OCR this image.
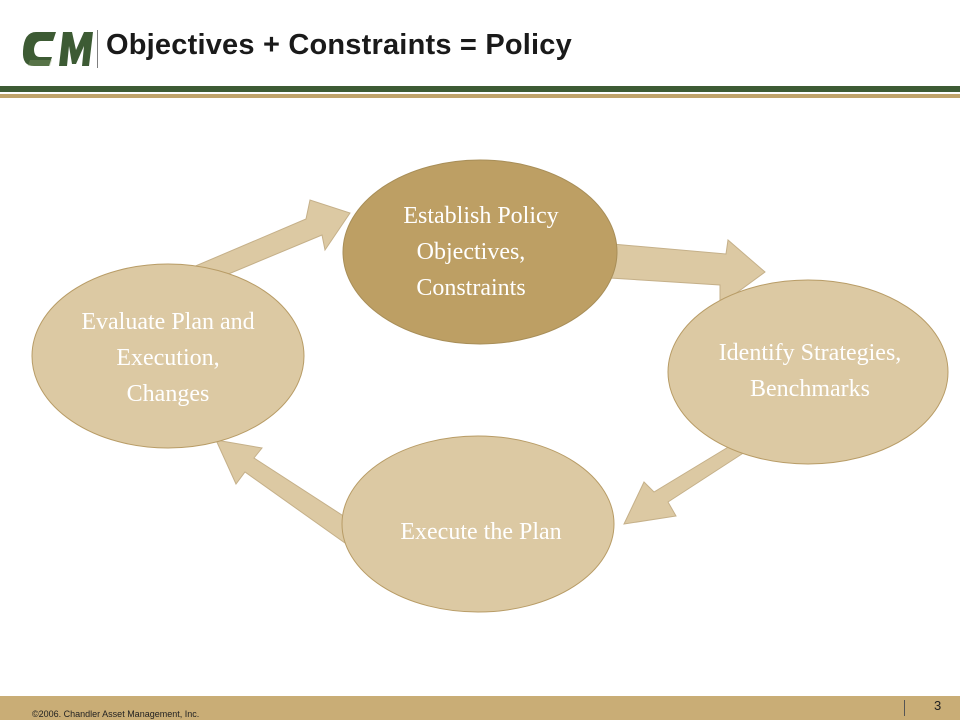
Objectives + Constraints = Policy
Establish Policy
Objectives,
Constraints
Identify Strategies,
Benchmarks
Execute the Plan
Evaluate Plan and
Execution,
Changes
©2006. Chandler Asset Management, Inc.
3
